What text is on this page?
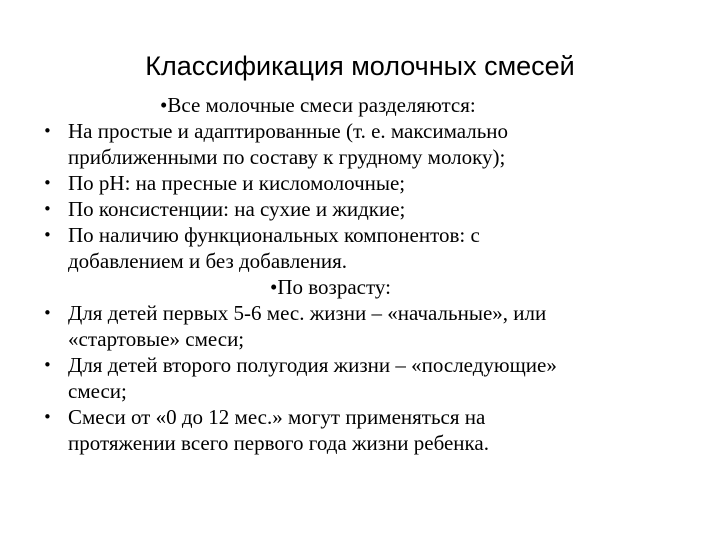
Классификация молочных смесей
•Все молочные смеси разделяются:
• На простые и адаптированные (т. е. максимально
приближенными по составу к грудному молоку);
• По рН: на пресные и кисломолочные;
• По консистенции: на сухие и жидкие;
• По наличию функциональных компонентов: с
добавлением и без добавления.
•По возрасту:
• Для детей первых 5-6 мес. жизни – «начальные», или
«стартовые» смеси;
• Для детей второго полугодия жизни – «последующие»
смеси;
• Смеси от «0 до 12 мес.» могут применяться на
протяжении всего первого года жизни ребенка.
